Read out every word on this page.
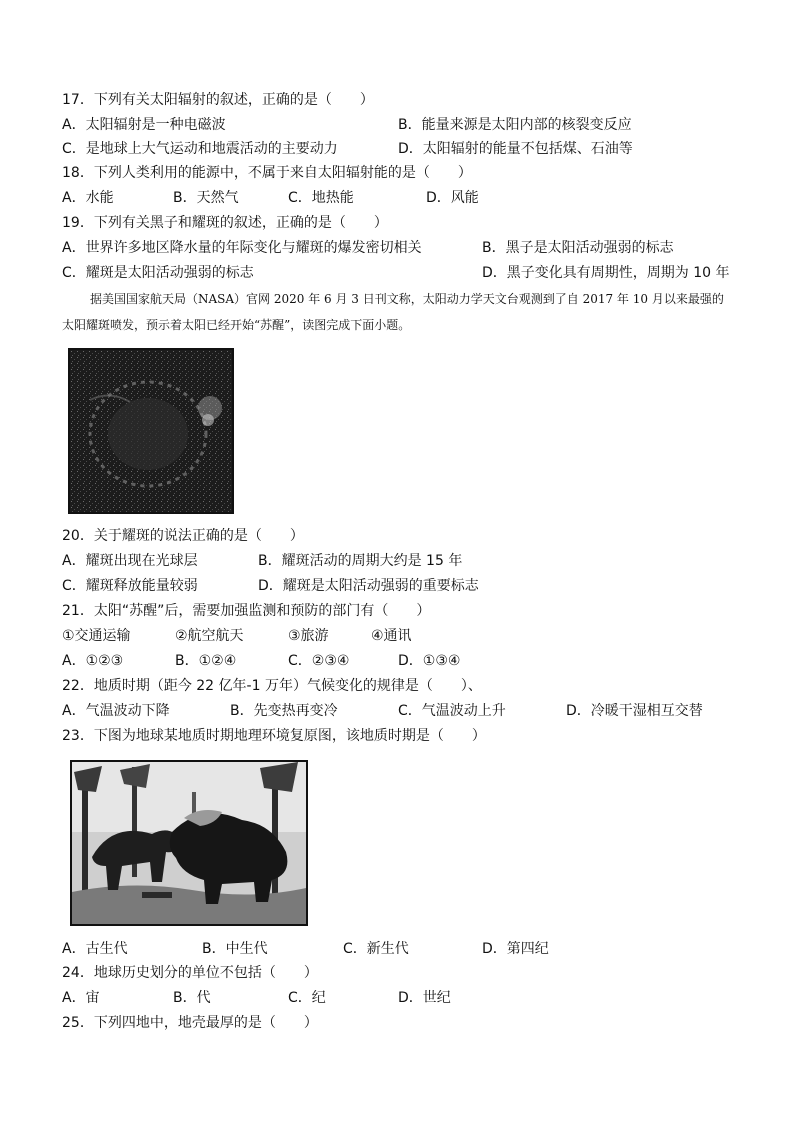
17．下列有关太阳辐射的叙述，正确的是（　　）
A．太阳辐射是一种电磁波	B．能量来源是太阳内部的核裂变反应
C．是地球上大气运动和地震活动的主要动力	D．太阳辐射的能量不包括煤、石油等
18．下列人类利用的能源中，不属于来自太阳辐射能的是（　　）
A．水能	B．天然气	C．地热能	D．风能
19．下列有关黑子和耀斑的叙述，正确的是（　　）
A．世界许多地区降水量的年际变化与耀斑的爆发密切相关	B．黑子是太阳活动强弱的标志
C．耀斑是太阳活动强弱的标志	D．黑子变化具有周期性，周期为 10 年
据美国国家航天局（NASA）官网 2020 年 6 月 3 日刊文称，太阳动力学天文台观测到了自 2017 年 10 月以来最强的太阳耀斑喷发，预示着太阳已经开始“苏醒”，读图完成下面小题。
20．关于耀斑的说法正确的是（　　）
A．耀斑出现在光球层	B．耀斑活动的周期大约是 15 年
C．耀斑释放能量较弱	D．耀斑是太阳活动强弱的重要标志
21．太阳“苏醒”后，需要加强监测和预防的部门有（　　）
①交通运输	②航空航天	③旅游	④通讯
A．①②③	B．①②④	C．②③④	D．①③④
22．地质时期（距今 22 亿年-1 万年）气候变化的规律是（　　）、
A．气温波动下降	B．先变热再变冷	C．气温波动上升	D．冷暖干湿相互交替
23．下图为地球某地质时期地理环境复原图，该地质时期是（　　）
A．古生代	B．中生代	C．新生代	D．第四纪
24．地球历史划分的单位不包括（　　）
A．宙	B．代	C．纪	D．世纪
25．下列四地中，地壳最厚的是（　　）
